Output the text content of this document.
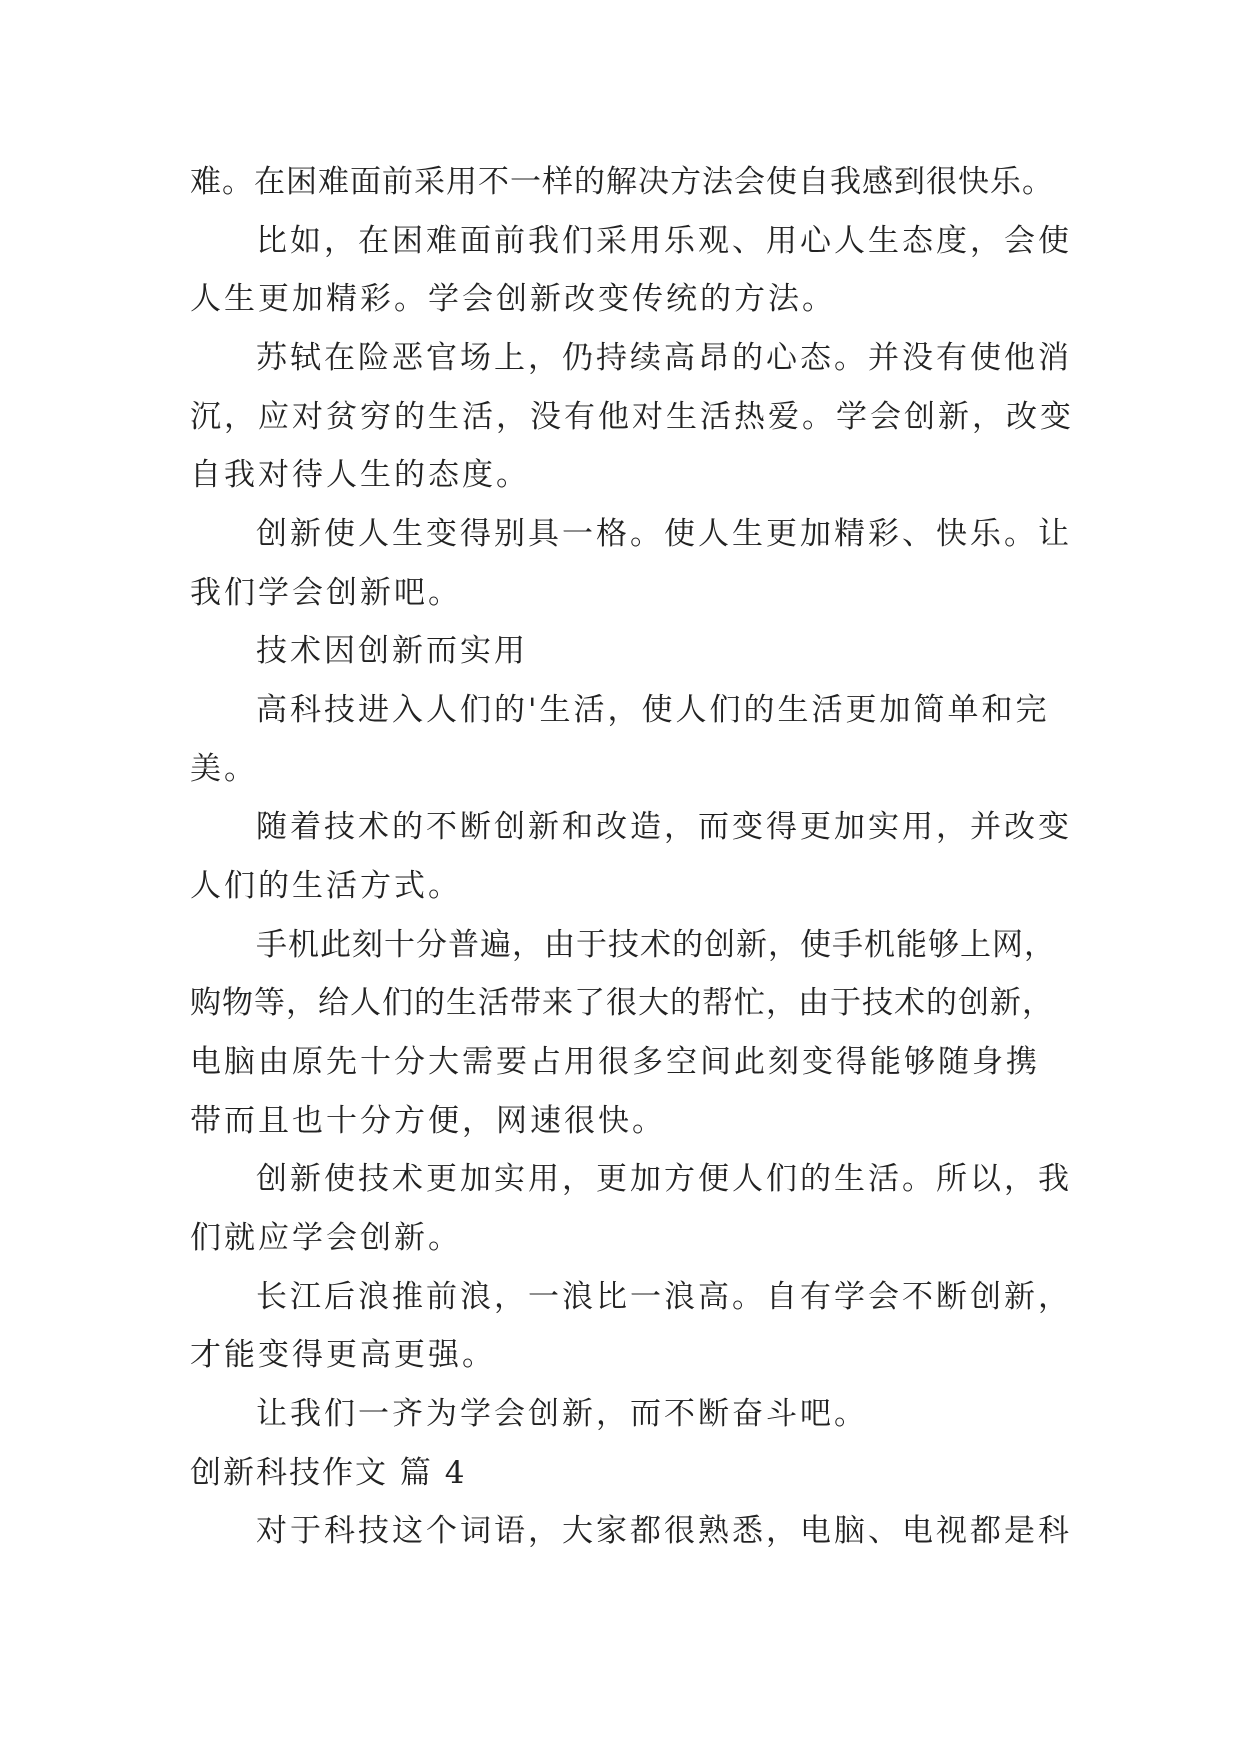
难。在困难面前采用不一样的解决方法会使自我感到很快乐。

比如，在困难面前我们采用乐观、用心人生态度，会使

人生更加精彩。学会创新改变传统的方法。

苏轼在险恶官场上，仍持续高昂的心态。并没有使他消

沉，应对贫穷的生活，没有他对生活热爱。学会创新，改变

自我对待人生的态度。

创新使人生变得别具一格。使人生更加精彩、快乐。让

我们学会创新吧。

技术因创新而实用

高科技进入人们的'生活，使人们的生活更加简单和完

美。

随着技术的不断创新和改造，而变得更加实用，并改变

人们的生活方式。

手机此刻十分普遍，由于技术的创新，使手机能够上网，

购物等，给人们的生活带来了很大的帮忙，由于技术的创新，

电脑由原先十分大需要占用很多空间此刻变得能够随身携

带而且也十分方便，网速很快。

创新使技术更加实用，更加方便人们的生活。所以，我

们就应学会创新。

长江后浪推前浪，一浪比一浪高。自有学会不断创新，

才能变得更高更强。

让我们一齐为学会创新，而不断奋斗吧。

创新科技作文 篇 4

对于科技这个词语，大家都很熟悉，电脑、电视都是科
